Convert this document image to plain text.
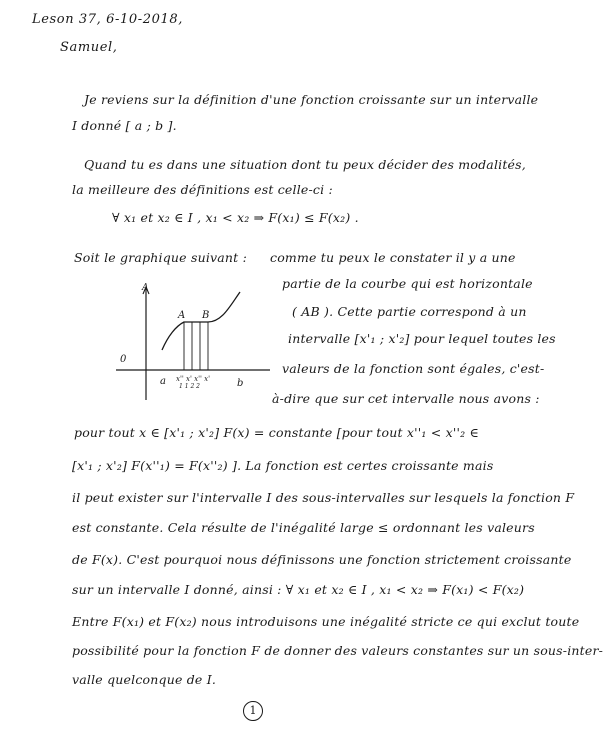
Leson 37, 6-10-2018,
Samuel,
Je reviens sur la définition d'une fonction croissante sur un intervalle
I donné [ a ; b ].
Quand tu es dans une situation dont tu peux décider des modalités,
la meilleure des définitions est celle-ci :
∀ x₁ et x₂ ∈ I , x₁ < x₂ ⇒ F(x₁) ≤ F(x₂) .
Soit le graphique suivant : comme tu peux le constater il y a une
partie de la courbe qui est horizontale
( AB ). Cette partie correspond à un
intervalle [x'₁ ; x'₂] pour lequel toutes les
valeurs de la fonction sont égales, c'est-
à-dire que sur cet intervalle nous avons :
A
0
A B
a	b
x'' x' x'' x'
1 1 2 2
pour tout x ∈ [x'₁ ; x'₂] F(x) = constante [pour tout x''₁ < x''₂ ∈
[x'₁ ; x'₂] F(x''₁) = F(x''₂) ]. La fonction est certes croissante mais
il peut exister sur l'intervalle I des sous-intervalles sur lesquels la fonction F
est constante. Cela résulte de l'inégalité large ≤ ordonnant les valeurs
de F(x). C'est pourquoi nous définissons une fonction strictement croissante
sur un intervalle I donné, ainsi : ∀ x₁ et x₂ ∈ I , x₁ < x₂ ⇒ F(x₁) < F(x₂)
Entre F(x₁) et F(x₂) nous introduisons une inégalité stricte ce qui exclut toute
possibilité pour la fonction F de donner des valeurs constantes sur un sous-inter-
valle quelconque de I.
1
